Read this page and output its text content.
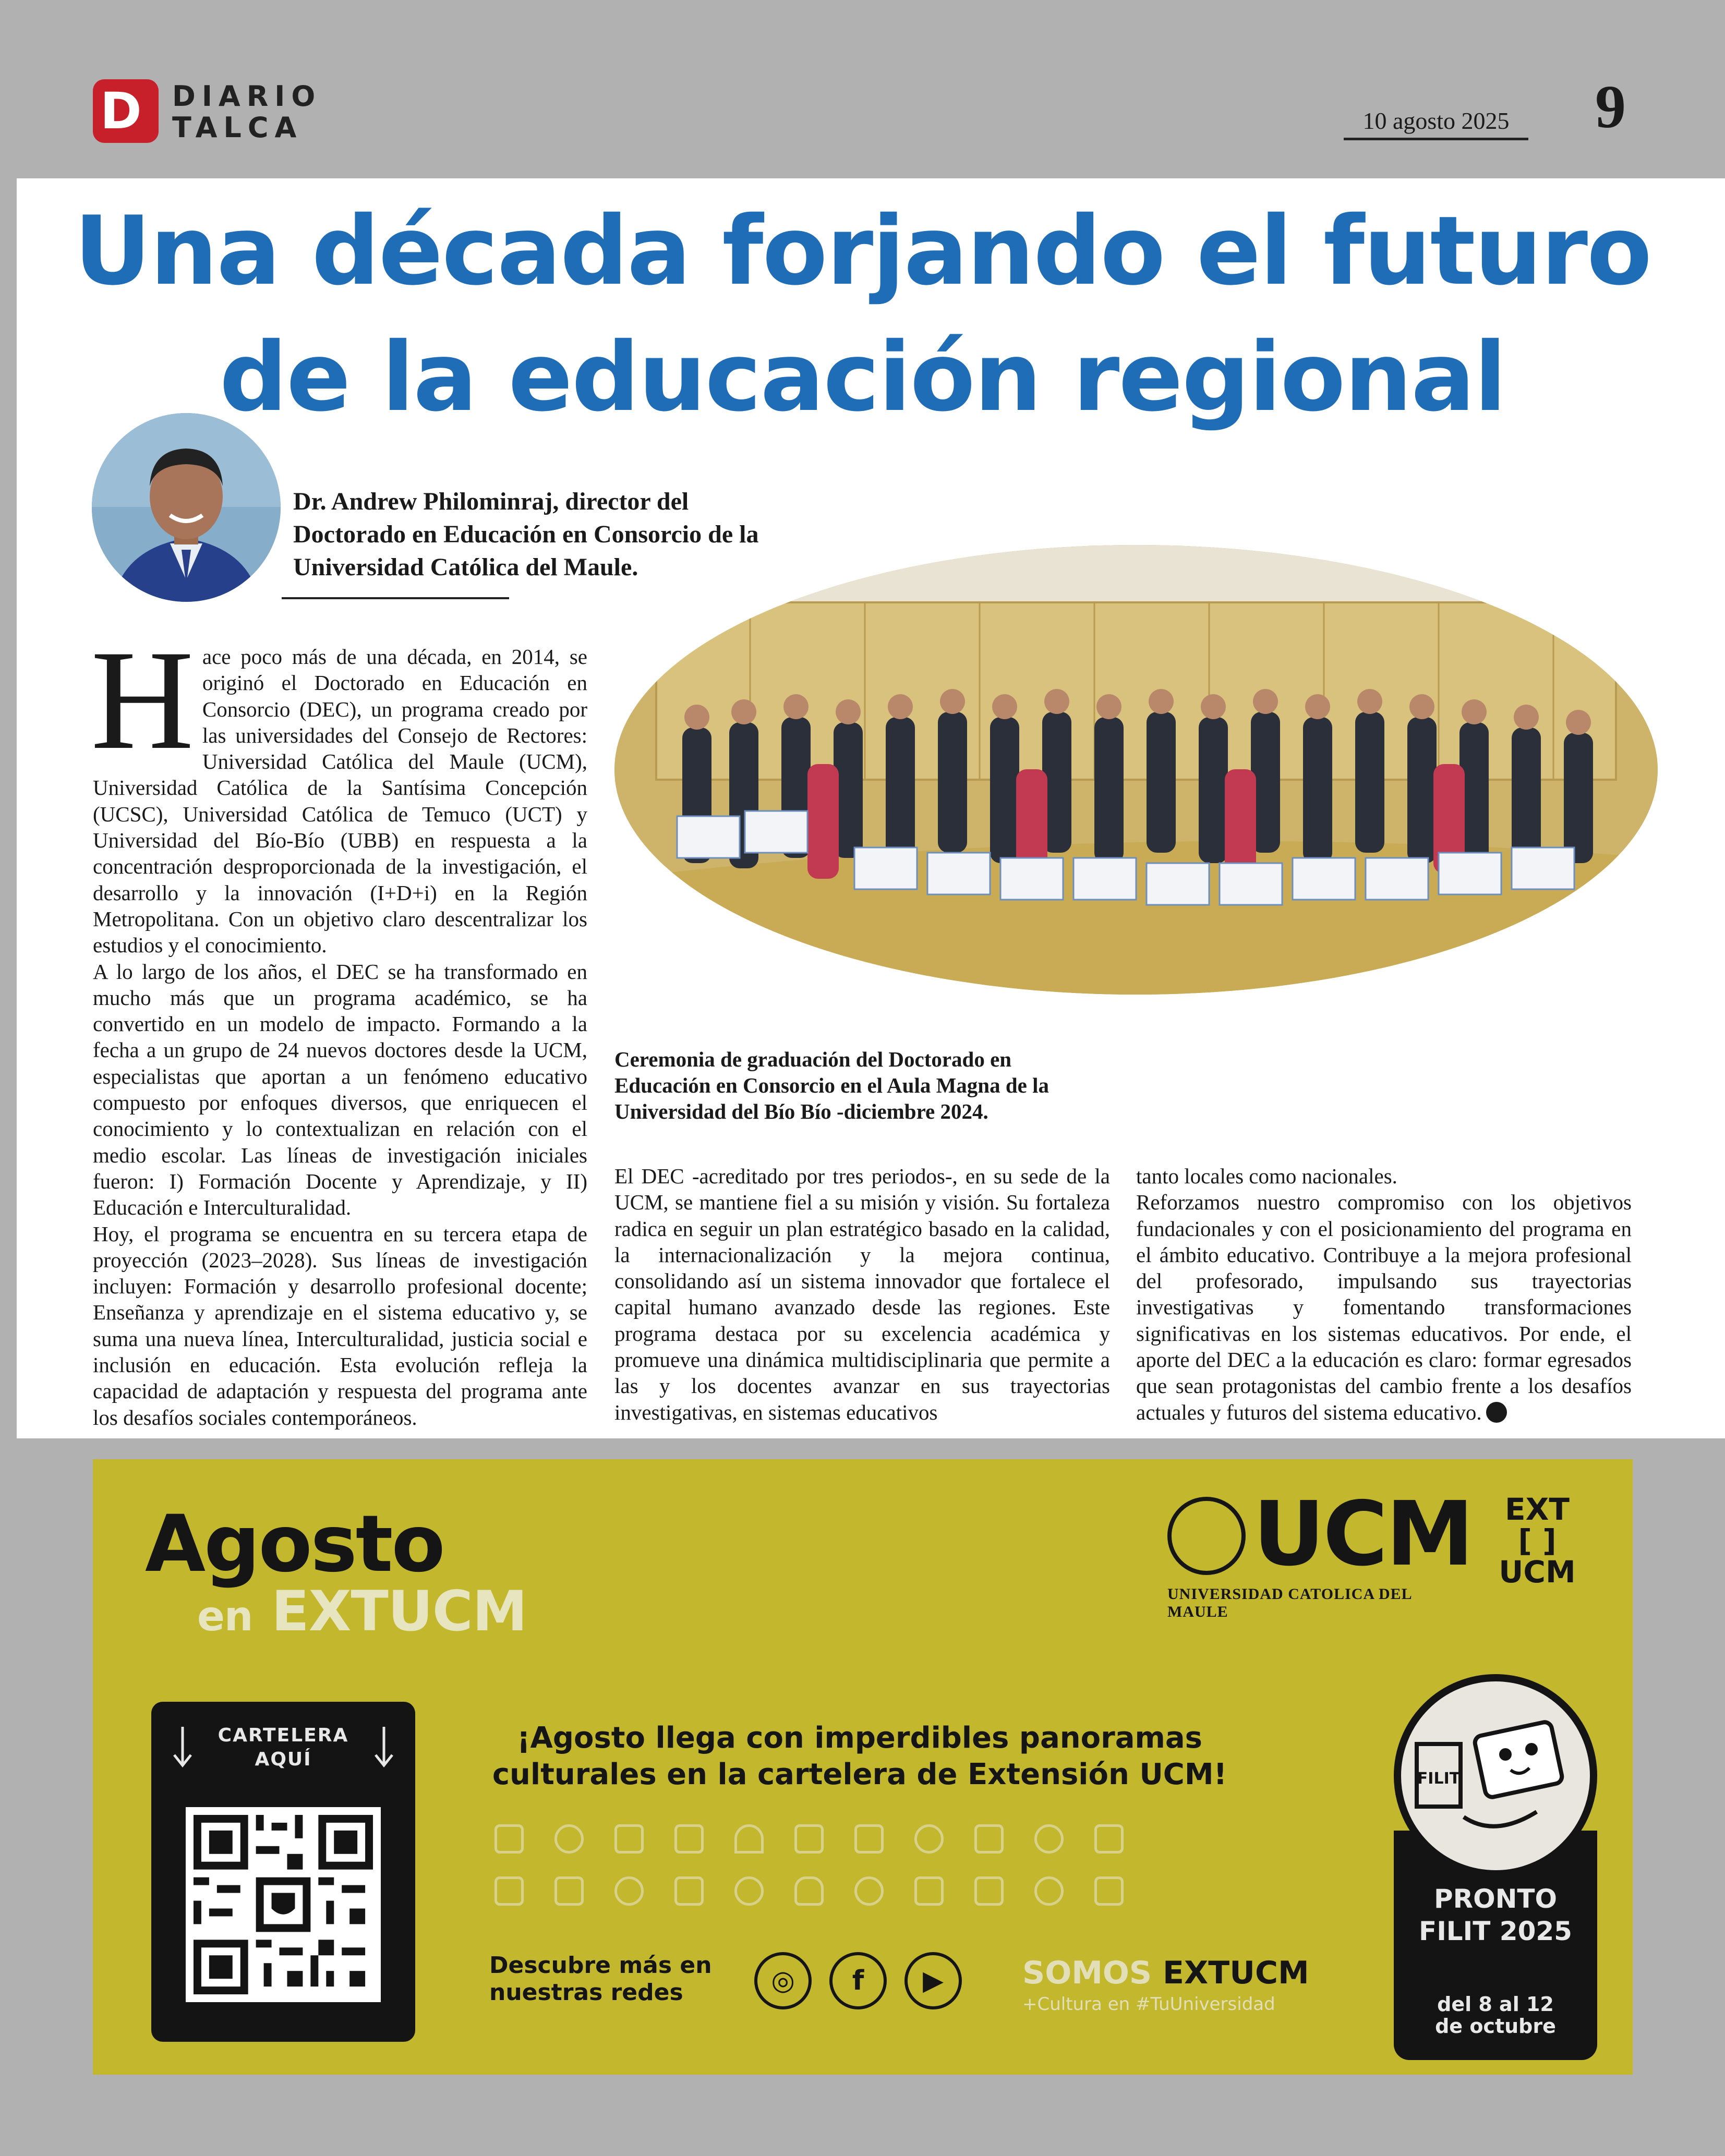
D DIARIO
TALCA	10 agosto 2025	9
Una década forjando el futuro
de la educación regional
Dr. Andrew Philominraj, director del Doctorado en Educación en Consorcio de la Universidad Católica del Maule.

Hace poco más de una década, en 2014, se originó el Doctorado en Educación en Consorcio (DEC), un programa creado por las universidades del Consejo de Rectores: Universidad Católica del Maule (UCM), Universidad Católica de la Santísima Concepción (UCSC), Universidad Católica de Temuco (UCT) y Universidad del Bío-Bío (UBB) en respuesta a la concentración desproporcionada de la investigación, el desarrollo y la innovación (I+D+i) en la Región Metropolitana. Con un objetivo claro descentralizar los estudios y el conocimiento.

A lo largo de los años, el DEC se ha transformado en mucho más que un programa académico, se ha convertido en un modelo de impacto. Formando a la fecha a un grupo de 24 nuevos doctores desde la UCM, especialistas que aportan a un fenómeno educativo compuesto por enfoques diversos, que enriquecen el conocimiento y lo contextualizan en relación con el medio escolar. Las líneas de investigación iniciales fueron: I) Formación Docente y Aprendizaje, y II) Educación e Interculturalidad.

Hoy, el programa se encuentra en su tercera etapa de proyección (2023–2028). Sus líneas de investigación incluyen: Formación y desarrollo profesional docente; Enseñanza y aprendizaje en el sistema educativo y, se suma una nueva línea, Interculturalidad, justicia social e inclusión en educación. Esta evolución refleja la capacidad de adaptación y respuesta del programa ante los desafíos sociales contemporáneos.

Ceremonia de graduación del Doctorado en Educación en Consorcio en el Aula Magna de la Universidad del Bío Bío -diciembre 2024.

El DEC -acreditado por tres periodos-, en su sede de la UCM, se mantiene fiel a su misión y visión. Su fortaleza radica en seguir un plan estratégico basado en la calidad, la internacionalización y la mejora continua, consolidando así un sistema innovador que fortalece el capital humano avanzado desde las regiones. Este programa destaca por su excelencia académica y promueve una dinámica multidisciplinaria que permite a las y los docentes avanzar en sus trayectorias investigativas, en sistemas educativos

tanto locales como nacionales.

Reforzamos nuestro compromiso con los objetivos fundacionales y con el posicionamiento del programa en el ámbito educativo. Contribuye a la mejora profesional del profesorado, impulsando sus trayectorias investigativas y fomentando transformaciones significativas en los sistemas educativos. Por ende, el aporte del DEC a la educación es claro: formar egresados que sean protagonistas del cambio frente a los desafíos actuales y futuros del sistema educativo.

Agosto
en EXTUCM
UCM
UNIVERSIDAD CATOLICA DEL MAULE
EXT
[ ]
UCM
CARTELERA
AQUÍ
¡Agosto llega con imperdibles panoramas culturales en la cartelera de Extensión UCM!
Descubre más en
nuestras redes	◎	f	▶	SOMOS EXTUCM
+Cultura en #TuUniversidad
FILIT
PRONTO
FILIT 2025
del 8 al 12
de octubre
